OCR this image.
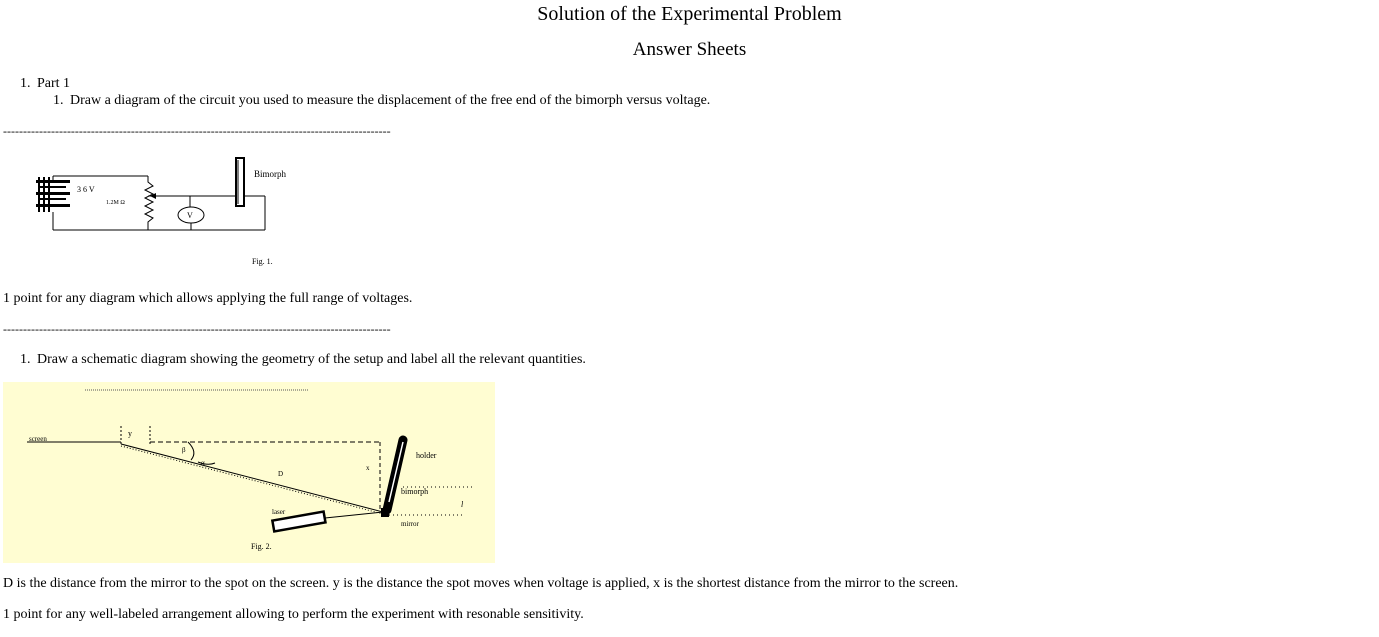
Solution of the Experimental Problem
Answer Sheets
1. Part 1
1. Draw a diagram of the circuit you used to measure the displacement of the free end of the bimorph versus voltage.
-------------------------------------------------------------------------------------------------
3 6 V
1.2M Ω
V
Bimorph
Fig. 1.
1 point for any diagram which allows applying the full range of voltages.
-------------------------------------------------------------------------------------------------
1. Draw a schematic diagram showing the geometry of the setup and label all the relevant quantities.
screen
y
β
α
D
x
holder
bimorph
l
laser
mirror
Fig. 2.
D is the distance from the mirror to the spot on the screen. y is the distance the spot moves when voltage is applied, x is the shortest distance from the mirror to the screen.
1 point for any well-labeled arrangement allowing to perform the experiment with resonable sensitivity.
